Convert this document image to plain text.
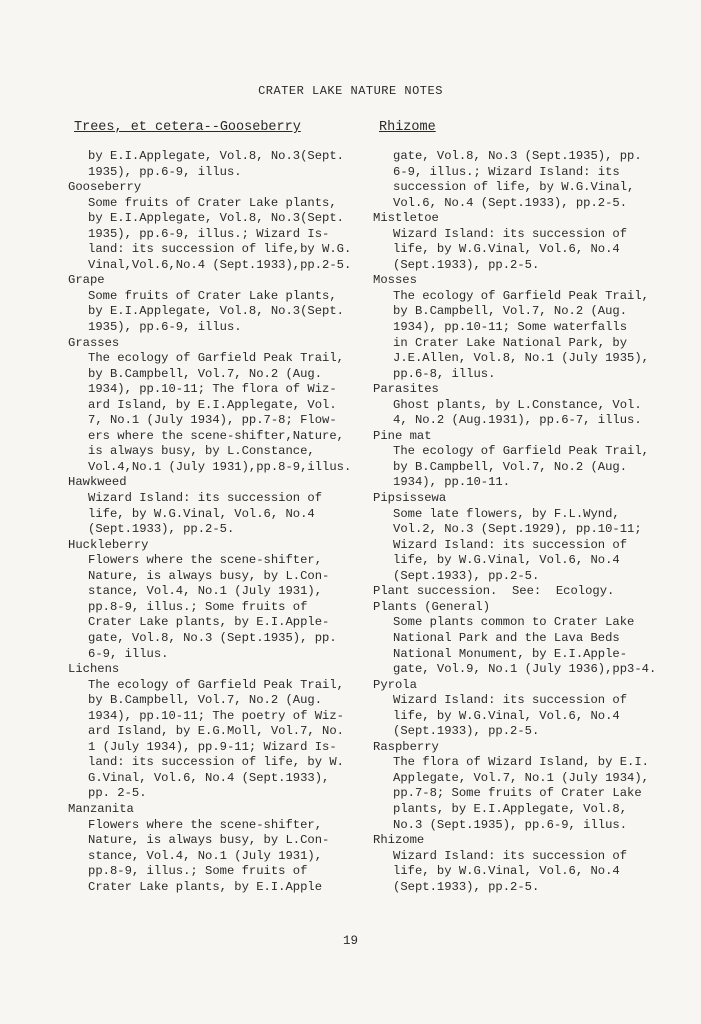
CRATER LAKE NATURE NOTES
Trees, et cetera--Gooseberry
by E.I.Applegate, Vol.8, No.3(Sept.
1935), pp.6-9, illus.
Gooseberry
Some fruits of Crater Lake plants,
by E.I.Applegate, Vol.8, No.3(Sept.
1935), pp.6-9, illus.; Wizard Is-
land: its succession of life,by W.G.
Vinal,Vol.6,No.4 (Sept.1933),pp.2-5.
Grape
Some fruits of Crater Lake plants,
by E.I.Applegate, Vol.8, No.3(Sept.
1935), pp.6-9, illus.
Grasses
The ecology of Garfield Peak Trail,
by B.Campbell, Vol.7, No.2 (Aug.
1934), pp.10-11; The flora of Wiz-
ard Island, by E.I.Applegate, Vol.
7, No.1 (July 1934), pp.7-8; Flow-
ers where the scene-shifter,Nature,
is always busy, by L.Constance,
Vol.4,No.1 (July 1931),pp.8-9,illus.
Hawkweed
Wizard Island: its succession of
life, by W.G.Vinal, Vol.6, No.4
(Sept.1933), pp.2-5.
Huckleberry
Flowers where the scene-shifter,
Nature, is always busy, by L.Con-
stance, Vol.4, No.1 (July 1931),
pp.8-9, illus.; Some fruits of
Crater Lake plants, by E.I.Apple-
gate, Vol.8, No.3 (Sept.1935), pp.
6-9, illus.
Lichens
The ecology of Garfield Peak Trail,
by B.Campbell, Vol.7, No.2 (Aug.
1934), pp.10-11; The poetry of Wiz-
ard Island, by E.G.Moll, Vol.7, No.
1 (July 1934), pp.9-11; Wizard Is-
land: its succession of life, by W.
G.Vinal, Vol.6, No.4 (Sept.1933),
pp. 2-5.
Manzanita
Flowers where the scene-shifter,
Nature, is always busy, by L.Con-
stance, Vol.4, No.1 (July 1931),
pp.8-9, illus.; Some fruits of
Crater Lake plants, by E.I.Apple
Rhizome
gate, Vol.8, No.3 (Sept.1935), pp.
6-9, illus.; Wizard Island: its
succession of life, by W.G.Vinal,
Vol.6, No.4 (Sept.1933), pp.2-5.
Mistletoe
Wizard Island: its succession of
life, by W.G.Vinal, Vol.6, No.4
(Sept.1933), pp.2-5.
Mosses
The ecology of Garfield Peak Trail,
by B.Campbell, Vol.7, No.2 (Aug.
1934), pp.10-11; Some waterfalls
in Crater Lake National Park, by
J.E.Allen, Vol.8, No.1 (July 1935),
pp.6-8, illus.
Parasites
Ghost plants, by L.Constance, Vol.
4, No.2 (Aug.1931), pp.6-7, illus.
Pine mat
The ecology of Garfield Peak Trail,
by B.Campbell, Vol.7, No.2 (Aug.
1934), pp.10-11.
Pipsissewa
Some late flowers, by F.L.Wynd,
Vol.2, No.3 (Sept.1929), pp.10-11;
Wizard Island: its succession of
life, by W.G.Vinal, Vol.6, No.4
(Sept.1933), pp.2-5.
Plant succession.  See:  Ecology.
Plants (General)
Some plants common to Crater Lake
National Park and the Lava Beds
National Monument, by E.I.Apple-
gate, Vol.9, No.1 (July 1936),pp3-4.
Pyrola
Wizard Island: its succession of
life, by W.G.Vinal, Vol.6, No.4
(Sept.1933), pp.2-5.
Raspberry
The flora of Wizard Island, by E.I.
Applegate, Vol.7, No.1 (July 1934),
pp.7-8; Some fruits of Crater Lake
plants, by E.I.Applegate, Vol.8,
No.3 (Sept.1935), pp.6-9, illus.
Rhizome
Wizard Island: its succession of
life, by W.G.Vinal, Vol.6, No.4
(Sept.1933), pp.2-5.
19
